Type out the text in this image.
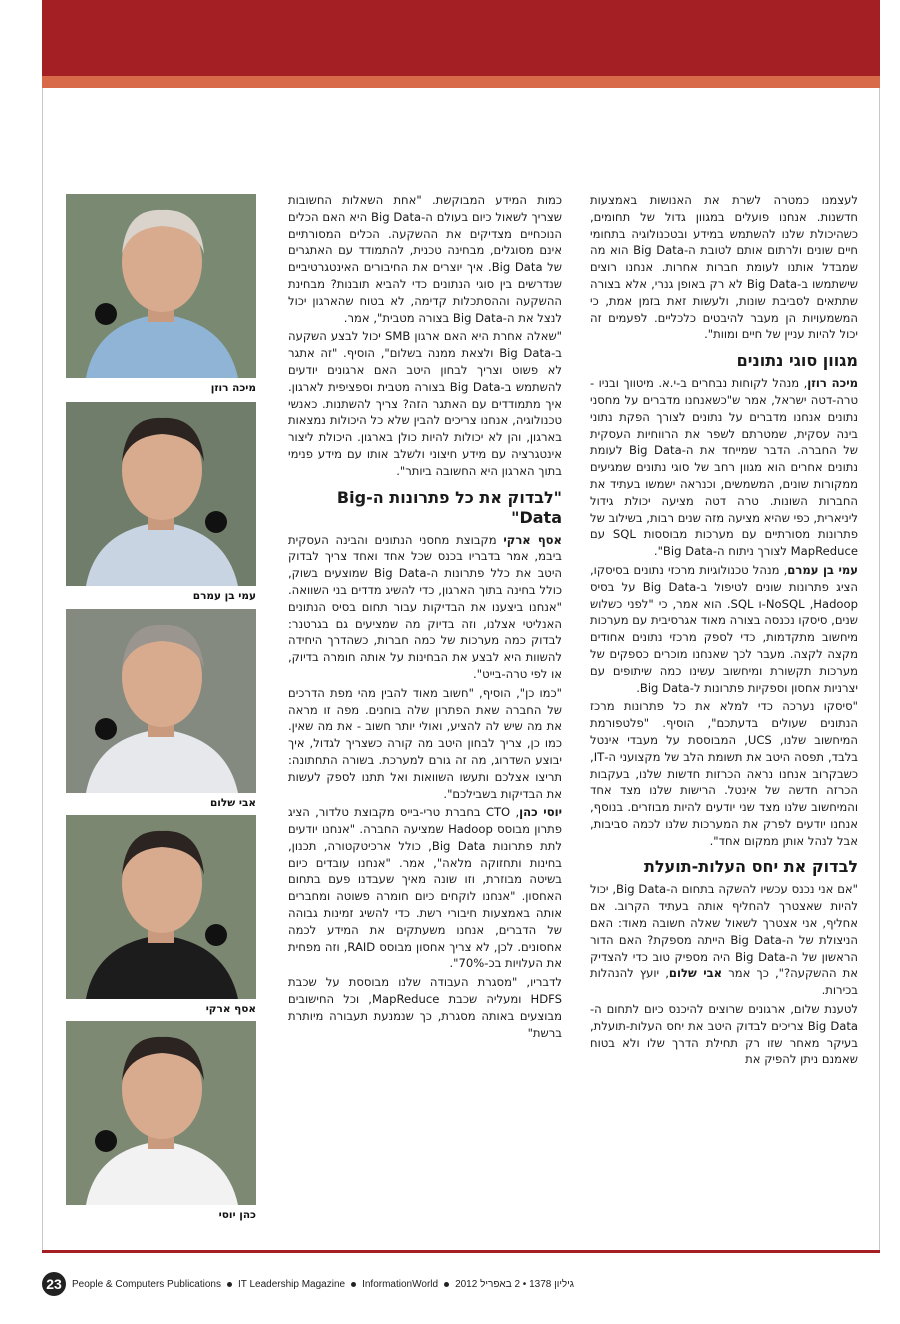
לעצמנו כמטרה לשרת את האנושות באמצעות חדשנות. אנחנו פועלים במגוון גדול של תחומים, כשהיכולת שלנו להשתמש במידע ובטכנולוגיה בתחומי חיים שונים ולרתום אותם לטובת ה-Big Data הוא מה שמבדל אותנו לעומת חברות אחרות. אנחנו רוצים שישתמשו ב-Big Data לא רק באופן גנרי, אלא בצורה שתתאים לסביבת שונות, ולעשות זאת בזמן אמת, כי המשמעויות הן מעבר להיבטים כלכליים. לפעמים זה יכול להיות עניין של חיים ומוות".

מגוון סוגי נתונים

מיכה רוזן, מנהל לקוחות נבחרים ב-י.א. מיטווך ובניו - טרה-דטה ישראל, אמר ש"כשאנחנו מדברים על מחסני נתונים אנחנו מדברים על נתונים לצורך הפקת נתוני בינה עסקית, שמטרתם לשפר את הרווחיות העסקית של החברה. הדבר שמייחד את ה-Big Data לעומת נתונים אחרים הוא מגוון רחב של סוגי נתונים שמגיעים ממקורות שונים, המשמשים, וכנראה ישמשו בעתיד את החברות השונות. טרה דטה מציעה יכולת גידול ליניארית, כפי שהיא מציעה מזה שנים רבות, בשילוב של פתרונות מסורתיים עם מערכות מבוססות SQL עם MapReduce לצורך ניתוח ה-Big Data".

עמי בן עמרם, מנהל טכנולוגיות מרכזי נתונים בסיסקו, הציג פתרונות שונים לטיפול ב-Big Data על בסיס NoSQL ,Hadoop-ו SQL. הוא אמר, כי "לפני כשלוש שנים, סיסקו נכנסה בצורה מאוד אגרסיבית עם מערכות מיחשוב מתקדמות, כדי לספק מרכזי נתונים אחודים מקצה לקצה. מעבר לכך שאנחנו מוכרים כספקים של מערכות תקשורת ומיחשוב עשינו כמה שיתופים עם יצרניות אחסון וספקיות פתרונות ל-Big Data.

"סיסקו נערכה כדי למלא את כל פתרונות מרכז הנתונים שעולים בדעתכם", הוסיף. "פלטפורמת המיחשוב שלנו, UCS, המבוססת על מעבדי אינטל בלבד, תפסה היטב את תשומת הלב של מקצועני ה-IT, כשבקרוב אנחנו נראה הכרזות חדשות שלנו, בעקבות הכרזה חדשה של אינטל. הרישות שלנו מצד אחד והמיחשוב שלנו מצד שני יודעים להיות מבוזרים. בנוסף, אנחנו יודעים לפרק את המערכות שלנו לכמה סביבות, אבל לנהל אותן ממקום אחד".

לבדוק את יחס העלות-תועלת

"אם אני נכנס עכשיו להשקה בתחום ה-Big Data, יכול להיות שאצטרך להחליף אותה בעתיד הקרוב. אם אחליף, אני אצטרך לשאול שאלה חשובה מאוד: האם הניצולת של ה-Big Data הייתה מספקת? האם הדור הראשון של ה-Big Data היה מספיק טוב כדי להצדיק את ההשקעה?", כך אמר אבי שלום, יועץ להנהלות בכירות.

לטענת שלום, ארגונים שרוצים להיכנס כיום לתחום ה-Big Data צריכים לבדוק היטב את יחס העלות-תועלת, בעיקר מאחר שזו רק תחילת הדרך שלו ולא בטוח שאמנם ניתן להפיק את

כמות המידע המבוקשת. "אחת השאלות החשובות שצריך לשאול כיום בעולם ה-Big Data היא האם הכלים הנוכחיים מצדיקים את ההשקעה. הכלים המסורתיים אינם מסוגלים, מבחינה טכנית, להתמודד עם האתגרים של Big Data. איך יוצרים את החיבורים האינטגרטיביים שנדרשים בין סוגי הנתונים כדי להביא תובנות? מבחינת ההשקעה וההסתכלות קדימה, לא בטוח שהארגון יכול לנצל את ה-Big Data בצורה מטבית", אמר.

"שאלה אחרת היא האם ארגון SMB יכול לבצע השקעה ב-Big Data ולצאת ממנה בשלום", הוסיף. "זה אתגר לא פשוט וצריך לבחון היטב האם ארגונים יודעים להשתמש ב-Big Data בצורה מטבית וספציפית לארגון. איך מתמודדים עם האתגר הזה? צריך להשתנות. כאנשי טכנולוגיה, אנחנו צריכים להבין שלא כל היכולות נמצאות בארגון, והן לא יכולות להיות כולן בארגון. היכולת ליצור אינטגרציה עם מידע חיצוני ולשלב אותו עם מידע פנימי בתוך הארגון היא החשובה ביותר".

"לבדוק את כל פתרונות ה-Big Data"

אסף ארקי מקבוצת מחסני הנתונים והבינה העסקית ביבמ, אמר בדבריו בכנס שכל אחד ואחד צריך לבדוק היטב את כלל פתרונות ה-Big Data שמוצעים בשוק, כולל בחינה בתוך הארגון, כדי להשיג מדדים בני השוואה. "אנחנו ביצענו את הבדיקות עבור תחום בסיס הנתונים האנליטי אצלנו, וזה בדיוק מה שמציעים גם בגרטנר: לבדוק כמה מערכות של כמה חברות, כשהדרך היחידה להשוות היא לבצע את הבחינות על אותה חומרה בדיוק, או לפי טרה-בייט".

"כמו כן", הוסיף, "חשוב מאוד להבין מהי מפת הדרכים של החברה שאת הפתרון שלה בוחנים. מפה זו מראה את מה שיש לה להציע, ואולי יותר חשוב - את מה שאין. כמו כן, צריך לבחון היטב מה קורה כשצריך לגדול, איך יבוצע השדרוג, מה זה גורם למערכת. בשורה התחתונה: תריצו אצלכם ותעשו השוואות ואל תתנו לספק לעשות את הבדיקות בשבילכם".

יוסי כהן, CTO בחברת טרי-בייס מקבוצת טלדור, הציג פתרון מבוסס Hadoop שמציעה החברה. "אנחנו יודעים לתת פתרונות Big Data, כולל ארכיטקטורה, תכנון, בחינות ותחזוקה מלאה", אמר. "אנחנו עובדים כיום בשיטה מבוזרת, וזו שונה מאיך שעבדנו פעם בתחום האחסון. "אנחנו לוקחים כיום חומרה פשוטה ומחברים אותה באמצעות חיבורי רשת. כדי להשיג זמינות גבוהה של הדברים, אנחנו משעתקים את המידע לכמה אחסונים. לכן, לא צריך אחסון מבוסס RAID, וזה מפחית את העלויות בכ-70%".

לדבריו, "מסגרת העבודה שלנו מבוססת על שכבת HDFS ומעליה שכבת MapReduce, וכל החישובים מבוצעים באותה מסגרת, כך שנמנעת תעבורה מיותרת ברשת"

מיכה רוזן
עמי בן עמרם
אבי שלום
אסף ארקי
כהן יוסי
23	People & Computers Publications IT Leadership Magazine InformationWorld גיליון 1378 • 2 באפריל 2012
